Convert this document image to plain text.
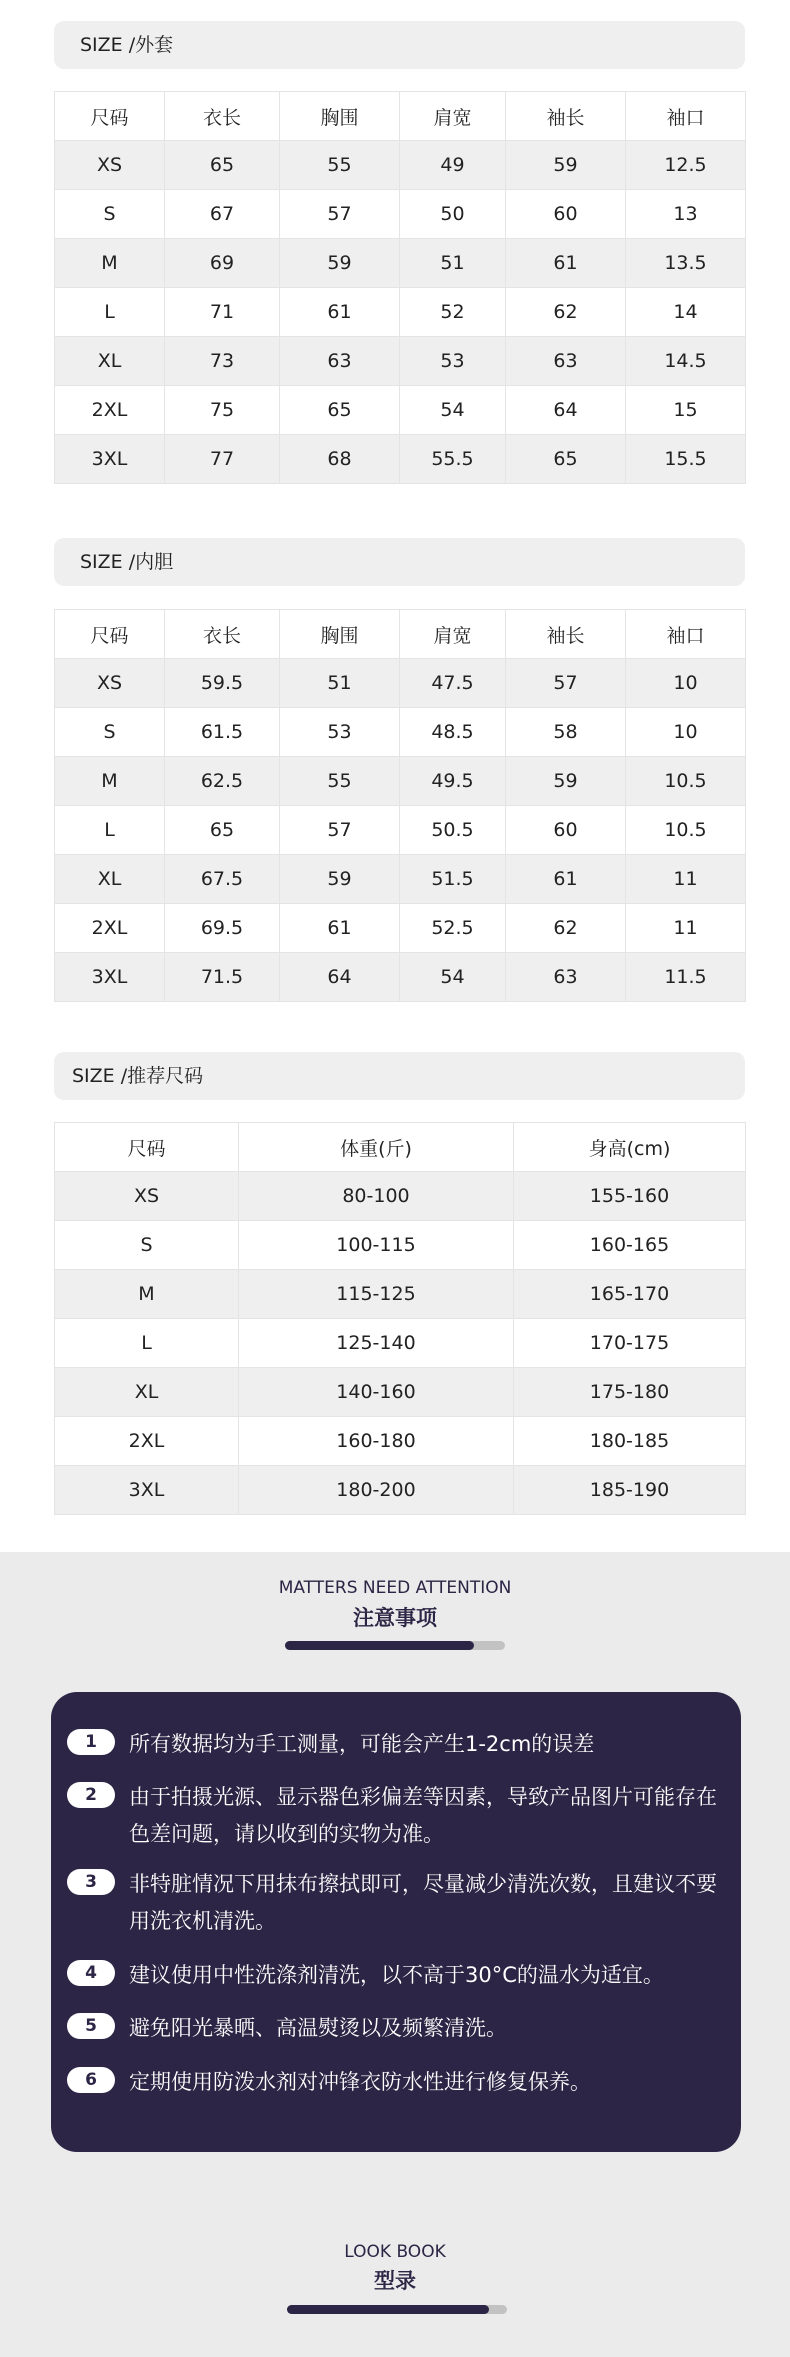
SIZE /外套
尺码	衣长	胸围	肩宽	袖长	袖口
XS	65	55	49	59	12.5
S	67	57	50	60	13
M	69	59	51	61	13.5
L	71	61	52	62	14
XL	73	63	53	63	14.5
2XL	75	65	54	64	15
3XL	77	68	55.5	65	15.5
SIZE /内胆
尺码	衣长	胸围	肩宽	袖长	袖口
XS	59.5	51	47.5	57	10
S	61.5	53	48.5	58	10
M	62.5	55	49.5	59	10.5
L	65	57	50.5	60	10.5
XL	67.5	59	51.5	61	11
2XL	69.5	61	52.5	62	11
3XL	71.5	64	54	63	11.5
SIZE /推荐尺码
尺码	体重(斤)	身高(cm)
XS	80-100	155-160
S	100-115	160-165
M	115-125	165-170
L	125-140	170-175
XL	140-160	175-180
2XL	160-180	180-185
3XL	180-200	185-190
MATTERS NEED ATTENTION
注意事项
1	所有数据均为手工测量，可能会产生1-2cm的误差
2	由于拍摄光源、显示器色彩偏差等因素，导致产品图片可能存在色差问题，请以收到的实物为准。
3	非特脏情况下用抹布擦拭即可，尽量减少清洗次数，且建议不要用洗衣机清洗。
4	建议使用中性洗涤剂清洗，以不高于30°C的温水为适宜。
5	避免阳光暴晒、高温熨烫以及频繁清洗。
6	定期使用防泼水剂对冲锋衣防水性进行修复保养。
LOOK BOOK
型录
